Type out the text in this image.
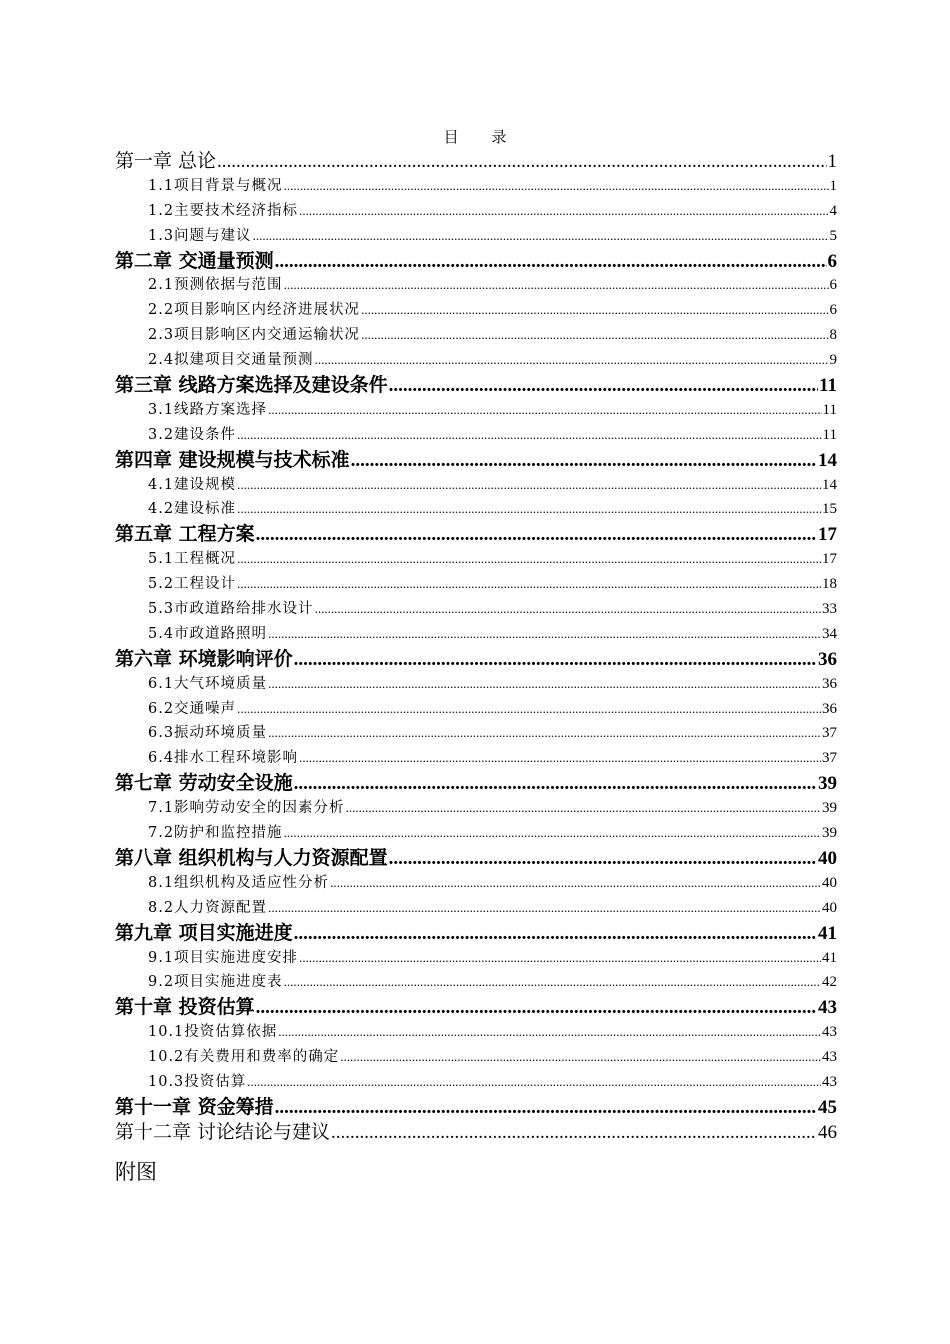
目 录
第一章 总论 .....	1
1.1项目背景与概况 .....	1
1.2主要技术经济指标 .....	4
1.3问题与建议 .....	5
第二章 交通量预测 .....	6
2.1预测依据与范围 .....	6
2.2项目影响区内经济进展状况 .....	6
2.3项目影响区内交通运输状况 .....	8
2.4拟建项目交通量预测 .....	9
第三章 线路方案选择及建设条件 .....	11
3.1线路方案选择 .....	11
3.2建设条件 .....	11
第四章 建设规模与技术标准 .....	14
4.1建设规模 .....	14
4.2建设标准 .....	15
第五章 工程方案 .....	17
5.1工程概况 .....	17
5.2工程设计 .....	18
5.3市政道路给排水设计 .....	33
5.4市政道路照明 .....	34
第六章 环境影响评价 .....	36
6.1大气环境质量 .....	36
6.2交通噪声 .....	36
6.3振动环境质量 .....	37
6.4排水工程环境影响 .....	37
第七章 劳动安全设施 .....	39
7.1影响劳动安全的因素分析 .....	39
7.2防护和监控措施 .....	39
第八章 组织机构与人力资源配置 .....	40
8.1组织机构及适应性分析 .....	40
8.2人力资源配置 .....	40
第九章 项目实施进度 .....	41
9.1项目实施进度安排 .....	41
9.2项目实施进度表 .....	42
第十章 投资估算 .....	43
10.1投资估算依据 .....	43
10.2有关费用和费率的确定 .....	43
10.3投资估算 .....	43
第十一章 资金筹措 .....	45
第十二章 讨论结论与建议 .....	46
附图
